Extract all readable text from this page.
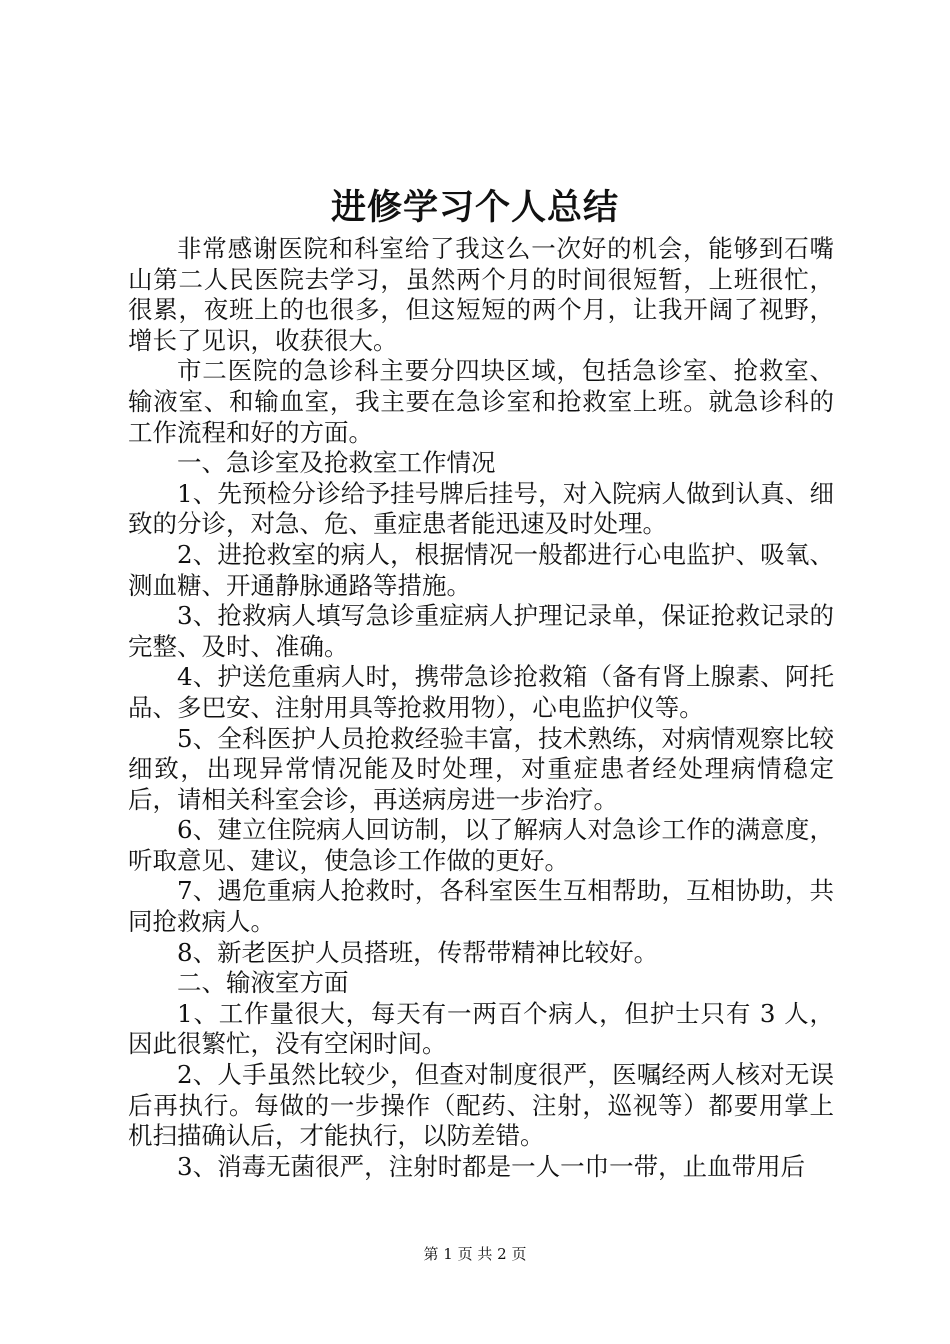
进修学习个人总结

非常感谢医院和科室给了我这么一次好的机会，能够到石嘴山第二人民医院去学习，虽然两个月的时间很短暂，上班很忙，很累，夜班上的也很多，但这短短的两个月，让我开阔了视野，增长了见识，收获很大。

市二医院的急诊科主要分四块区域，包括急诊室、抢救室、输液室、和输血室，我主要在急诊室和抢救室上班。就急诊科的工作流程和好的方面。

一、急诊室及抢救室工作情况

1、先预检分诊给予挂号牌后挂号，对入院病人做到认真、细致的分诊，对急、危、重症患者能迅速及时处理。

2、进抢救室的病人，根据情况一般都进行心电监护、吸氧、测血糖、开通静脉通路等措施。

3、抢救病人填写急诊重症病人护理记录单，保证抢救记录的完整、及时、准确。

4、护送危重病人时，携带急诊抢救箱（备有肾上腺素、阿托品、多巴安、注射用具等抢救用物），心电监护仪等。

5、全科医护人员抢救经验丰富，技术熟练，对病情观察比较细致，出现异常情况能及时处理，对重症患者经处理病情稳定后，请相关科室会诊，再送病房进一步治疗。

6、建立住院病人回访制，以了解病人对急诊工作的满意度，听取意见、建议，使急诊工作做的更好。

7、遇危重病人抢救时，各科室医生互相帮助，互相协助，共同抢救病人。

8、新老医护人员搭班，传帮带精神比较好。

二、输液室方面

1、工作量很大，每天有一两百个病人，但护士只有 3 人，因此很繁忙，没有空闲时间。

2、人手虽然比较少，但查对制度很严，医嘱经两人核对无误后再执行。每做的一步操作（配药、注射，巡视等）都要用掌上机扫描确认后，才能执行，以防差错。

3、消毒无菌很严，注射时都是一人一巾一带，止血带用后

第 1 页 共 2 页
